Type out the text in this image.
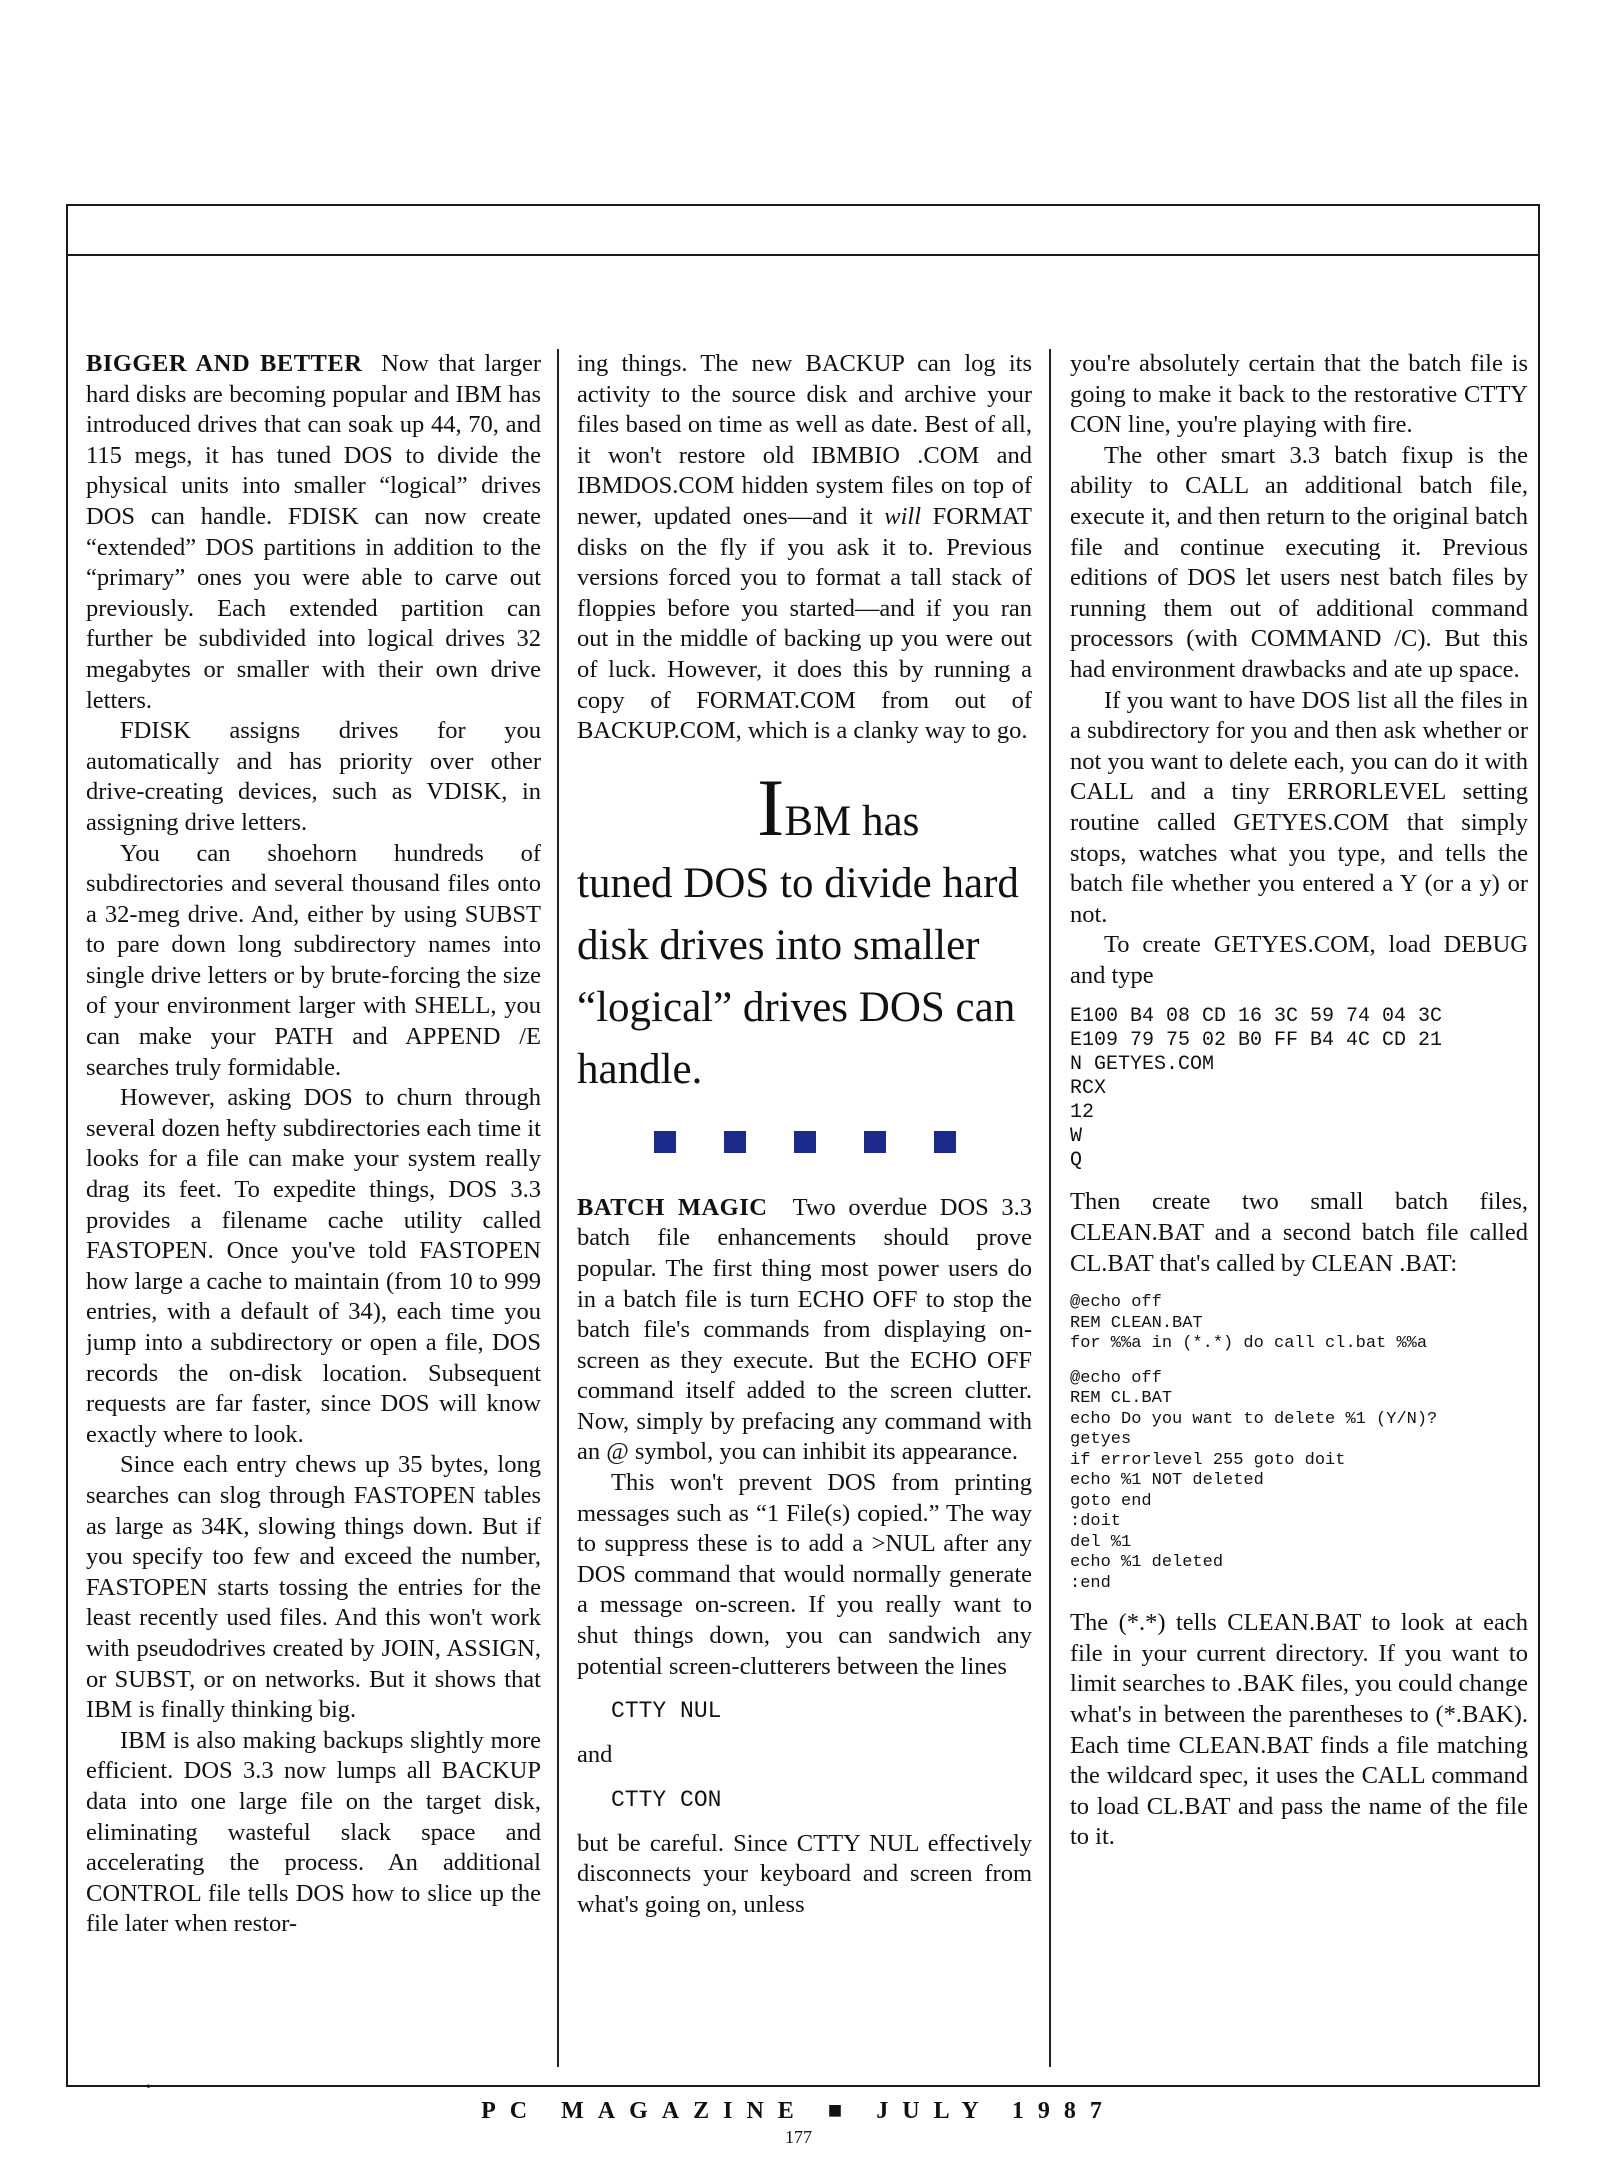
BIGGER AND BETTER Now that larger hard disks are becoming popular and IBM has introduced drives that can soak up 44, 70, and 115 megs, it has tuned DOS to divide the physical units into smaller “logical” drives DOS can handle. FDISK can now create “extended” DOS partitions in addition to the “primary” ones you were able to carve out previously. Each extended partition can further be subdivided into logical drives 32 megabytes or smaller with their own drive letters.

FDISK assigns drives for you automatically and has priority over other drive-creating devices, such as VDISK, in assigning drive letters.

You can shoehorn hundreds of subdirectories and several thousand files onto a 32-meg drive. And, either by using SUBST to pare down long subdirectory names into single drive letters or by brute-forcing the size of your environment larger with SHELL, you can make your PATH and APPEND /E searches truly formidable.

However, asking DOS to churn through several dozen hefty subdirectories each time it looks for a file can make your system really drag its feet. To expedite things, DOS 3.3 provides a filename cache utility called FASTOPEN. Once you've told FASTOPEN how large a cache to maintain (from 10 to 999 entries, with a default of 34), each time you jump into a subdirectory or open a file, DOS records the on-disk location. Subsequent requests are far faster, since DOS will know exactly where to look.

Since each entry chews up 35 bytes, long searches can slog through FASTOPEN tables as large as 34K, slowing things down. But if you specify too few and exceed the number, FASTOPEN starts tossing the entries for the least recently used files. And this won't work with pseudodrives created by JOIN, ASSIGN, or SUBST, or on networks. But it shows that IBM is finally thinking big.

IBM is also making backups slightly more efficient. DOS 3.3 now lumps all BACKUP data into one large file on the target disk, eliminating wasteful slack space and accelerating the process. An additional CONTROL file tells DOS how to slice up the file later when restor-

ing things. The new BACKUP can log its activity to the source disk and archive your files based on time as well as date. Best of all, it won't restore old IBMBIO .COM and IBMDOS.COM hidden system files on top of newer, updated ones—and it will FORMAT disks on the fly if you ask it to. Previous versions forced you to format a tall stack of floppies before you started—and if you ran out in the middle of backing up you were out of luck. However, it does this by running a copy of FORMAT.COM from out of BACKUP.COM, which is a clanky way to go.

IBM has
tuned DOS to divide hard disk drives into smaller “logical” drives DOS can handle.

BATCH MAGIC Two overdue DOS 3.3 batch file enhancements should prove popular. The first thing most power users do in a batch file is turn ECHO OFF to stop the batch file's commands from displaying on-screen as they execute. But the ECHO OFF command itself added to the screen clutter. Now, simply by prefacing any command with an @ symbol, you can inhibit its appearance.

This won't prevent DOS from printing messages such as “1 File(s) copied.” The way to suppress these is to add a >NUL after any DOS command that would normally generate a message on-screen. If you really want to shut things down, you can sandwich any potential screen-clutterers between the lines

CTTY NUL

and

CTTY CON

but be careful. Since CTTY NUL effectively disconnects your keyboard and screen from what's going on, unless

you're absolutely certain that the batch file is going to make it back to the restorative CTTY CON line, you're playing with fire.

The other smart 3.3 batch fixup is the ability to CALL an additional batch file, execute it, and then return to the original batch file and continue executing it. Previous editions of DOS let users nest batch files by running them out of additional command processors (with COMMAND /C). But this had environment drawbacks and ate up space.

If you want to have DOS list all the files in a subdirectory for you and then ask whether or not you want to delete each, you can do it with CALL and a tiny ERRORLEVEL setting routine called GETYES.COM that simply stops, watches what you type, and tells the batch file whether you entered a Y (or a y) or not.

To create GETYES.COM, load DEBUG and type

E100 B4 08 CD 16 3C 59 74 04 3C
E109 79 75 02 B0 FF B4 4C CD 21
N GETYES.COM
RCX
12
W
Q

Then create two small batch files, CLEAN.BAT and a second batch file called CL.BAT that's called by CLEAN .BAT:

@echo off
REM CLEAN.BAT
for %%a in (*.*) do call cl.bat %%a
@echo off
REM CL.BAT
echo Do you want to delete %1 (Y/N)?
getyes
if errorlevel 255 goto doit
echo %1 NOT deleted
goto end
:doit
del %1
echo %1 deleted
:end

The (*.*) tells CLEAN.BAT to look at each file in your current directory. If you want to limit searches to .BAK files, you could change what's in between the parentheses to (*.BAK). Each time CLEAN.BAT finds a file matching the wildcard spec, it uses the CALL command to load CL.BAT and pass the name of the file to it.

•
PC MAGAZINE ■ JULY 1987
177
